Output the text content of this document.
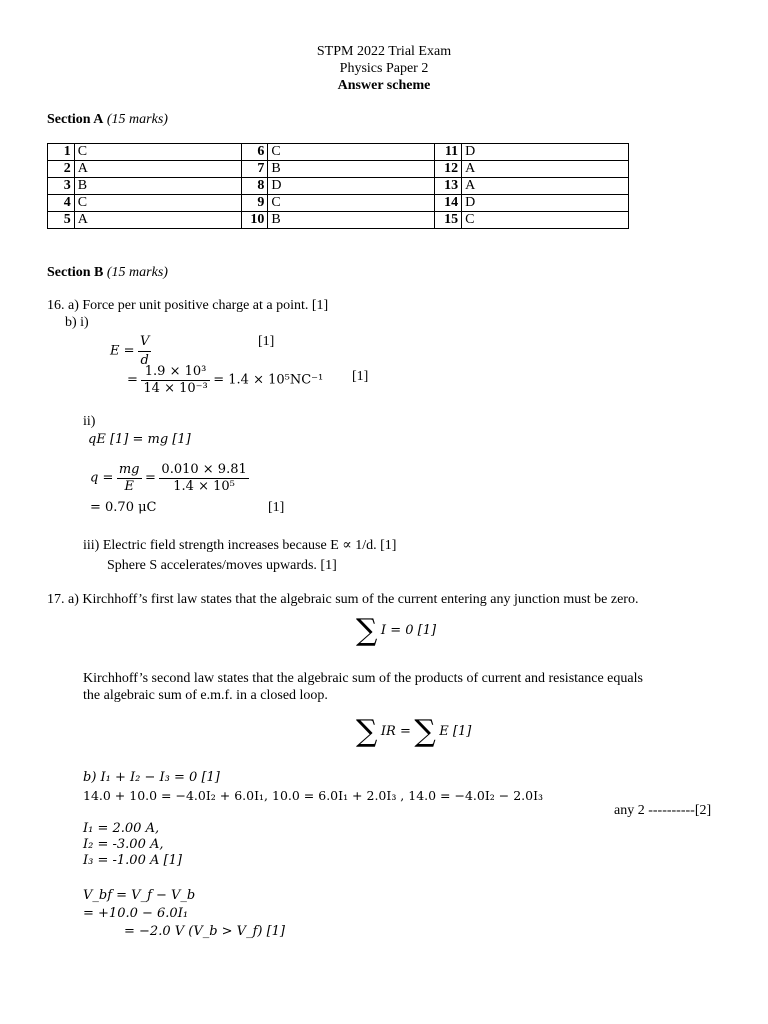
STPM 2022 Trial Exam
Physics Paper 2
Answer scheme
Section A (15 marks)
1	C	6	C	11	D
2	A	7	B	12	A
3	B	8	D	13	A
4	C	9	C	14	D
5	A	10	B	15	C
Section B (15 marks)
16. a) Force per unit positive charge at a point. [1]
b) i)
$E = \frac{V}{d}$	[1]
= $\frac{\text{1.9 × 10³}}{\text{14 × 10⁻³}} = 1.4 \times 10^5NC^{-1}$ [1]
ii)
qE [1] = mg [1]
$q = \frac{mg}{E} = \frac{0.010 \times 9.81}{\text{1.4 × 10⁵}}$
= 0.70 μC	[1]
iii) Electric field strength increases because E ∝ 1/d. [1]
Sphere S accelerates/moves upwards. [1]
17. a) Kirchhoff’s first law states that the algebraic sum of the current entering any junction must be zero.
∑ I = 0 [1]
Kirchhoff’s second law states that the algebraic sum of the products of current and resistance equals
the algebraic sum of e.m.f. in a closed loop.
∑ IR = ∑ E [1]
b) I₁ + I₂ − I₃ = 0 [1]
14.0 + 10.0 = −4.0I₂ + 6.0I₁, 10.0 = 6.0I₁ + 2.0I₃ , 14.0 = −4.0I₂ − 2.0I₃
any 2 ----------[2]
I₁ = 2.00 A,
I₂ = -3.00 A,
I₃ = -1.00 A [1]
V_bf = V_f − V_b
= +10.0 − 6.0I₁
= −2.0 V (V_b > V_f) [1]
